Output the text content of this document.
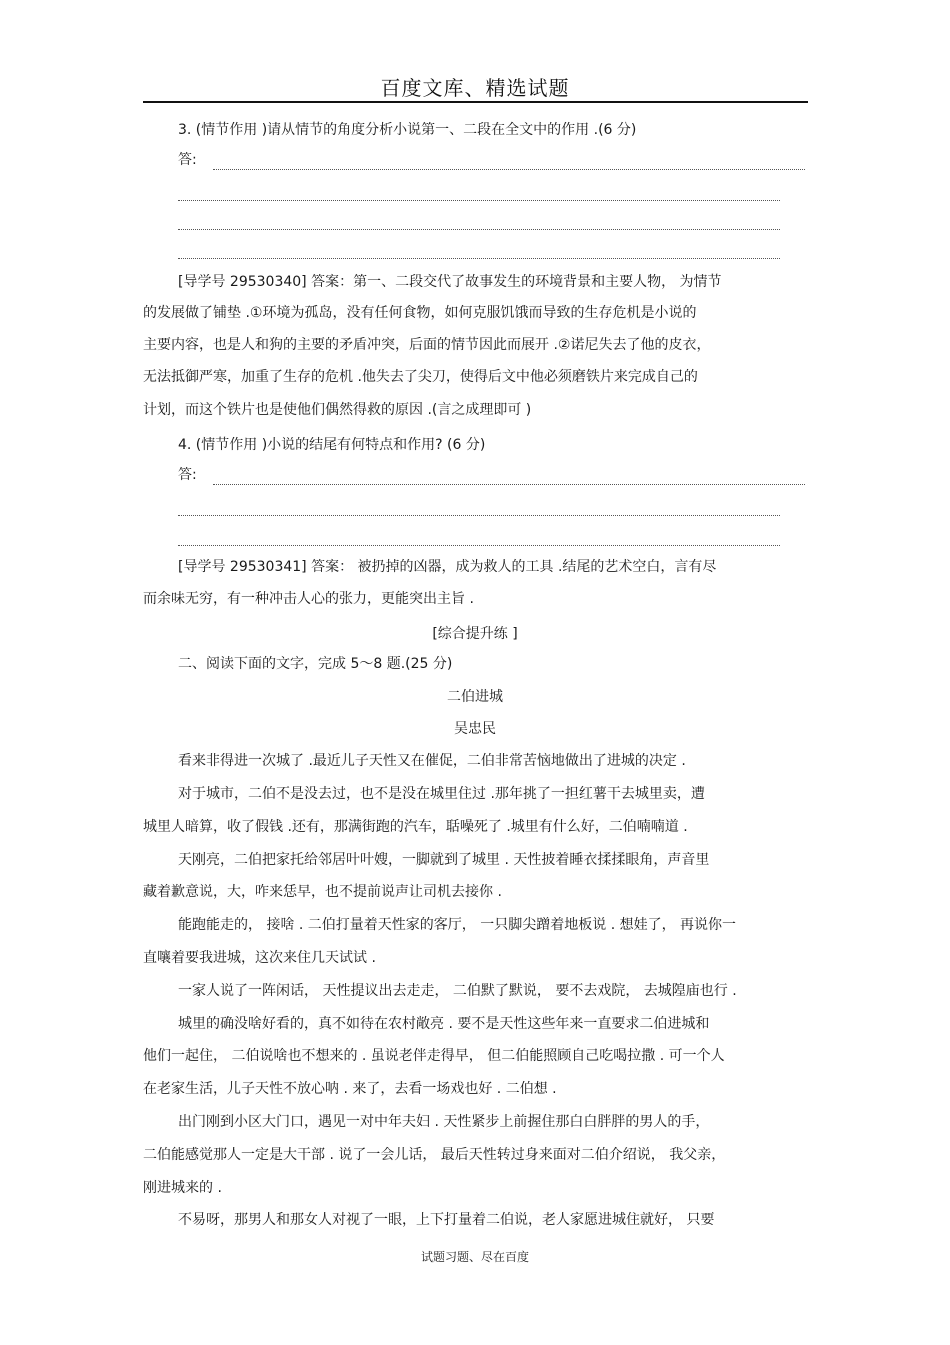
百度文库、精选试题
3. (情节作用 )请从情节的角度分析小说第一、二段在全文中的作用 .(6 分)
答:
[导学号 29530340] 答案：第一、二段交代了故事发生的环境背景和主要人物， 为情节
的发展做了铺垫 .①环境为孤岛，没有任何食物，如何克服饥饿而导致的生存危机是小说的
主要内容，也是人和狗的主要的矛盾冲突，后面的情节因此而展开 .②诺尼失去了他的皮衣，
无法抵御严寒，加重了生存的危机 .他失去了尖刀，使得后文中他必须磨铁片来完成自己的
计划，而这个铁片也是使他们偶然得救的原因 .(言之成理即可 )
4. (情节作用 )小说的结尾有何特点和作用? (6 分)
答:
[导学号 29530341] 答案： 被扔掉的凶器，成为救人的工具 .结尾的艺术空白，言有尽
而余味无穷，有一种冲击人心的张力，更能突出主旨 .
[综合提升练 ]
二、阅读下面的文字，完成 5～8 题.(25 分)
二伯进城
吴忠民
看来非得进一次城了 .最近儿子天性又在催促，二伯非常苦恼地做出了进城的决定 .
对于城市，二伯不是没去过，也不是没在城里住过 .那年挑了一担红薯干去城里卖，遭
城里人暗算，收了假钱 .还有，那满街跑的汽车，聒噪死了 .城里有什么好，二伯喃喃道 .
天刚亮，二伯把家托给邻居叶叶嫂，一脚就到了城里 . 天性披着睡衣揉揉眼角，声音里
藏着歉意说，大，咋来恁早，也不提前说声让司机去接你 .
能跑能走的， 接啥 . 二伯打量着天性家的客厅， 一只脚尖蹭着地板说 . 想娃了， 再说你一
直嚷着要我进城，这次来住几天试试 .
一家人说了一阵闲话， 天性提议出去走走， 二伯默了默说， 要不去戏院， 去城隍庙也行 .
城里的确没啥好看的，真不如待在农村敞亮 . 要不是天性这些年来一直要求二伯进城和
他们一起住， 二伯说啥也不想来的 . 虽说老伴走得早， 但二伯能照顾自己吃喝拉撒 . 可一个人
在老家生活，儿子天性不放心呐 . 来了，去看一场戏也好 . 二伯想 .
出门刚到小区大门口，遇见一对中年夫妇 . 天性紧步上前握住那白白胖胖的男人的手，
二伯能感觉那人一定是大干部 . 说了一会儿话， 最后天性转过身来面对二伯介绍说， 我父亲，
刚进城来的 .
不易呀，那男人和那女人对视了一眼，上下打量着二伯说，老人家愿进城住就好， 只要
试题习题、尽在百度
